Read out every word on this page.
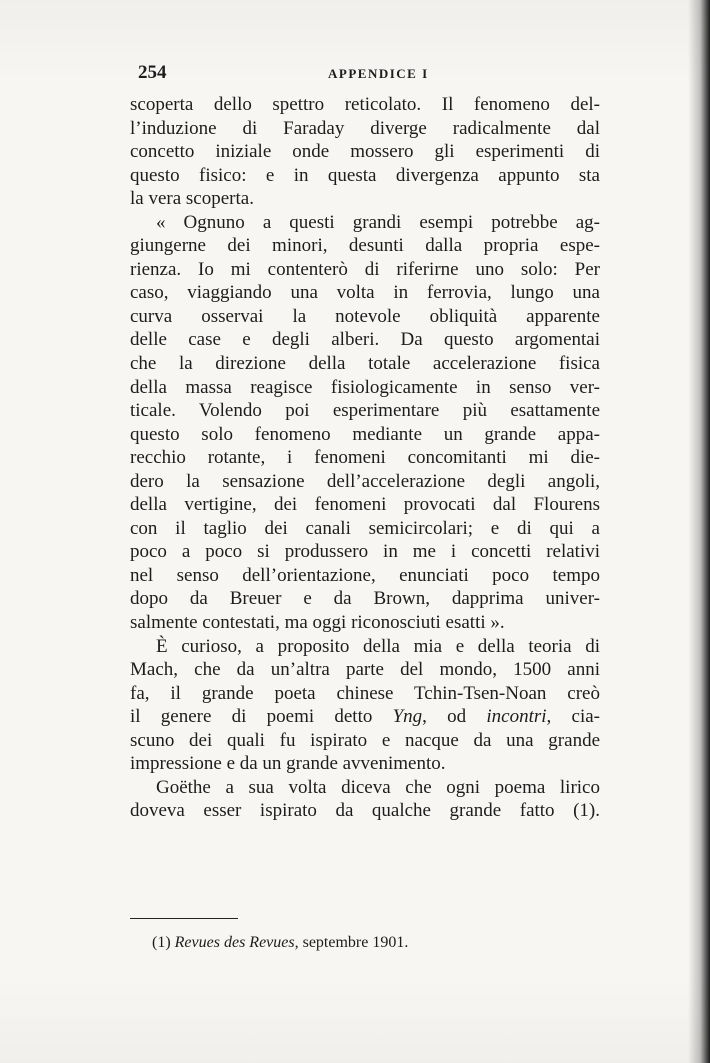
254	APPENDICE I
scoperta dello spettro reticolato. Il fenomeno del-
l’induzione di Faraday diverge radicalmente dal
concetto iniziale onde mossero gli esperimenti di
questo fisico: e in questa divergenza appunto sta
la vera scoperta.
« Ognuno a questi grandi esempi potrebbe ag-
giungerne dei minori, desunti dalla propria espe-
rienza. Io mi contenterò di riferirne uno solo: Per
caso, viaggiando una volta in ferrovia, lungo una
curva osservai la notevole obliquità apparente
delle case e degli alberi. Da questo argomentai
che la direzione della totale accelerazione fisica
della massa reagisce fisiologicamente in senso ver-
ticale. Volendo poi esperimentare più esattamente
questo solo fenomeno mediante un grande appa-
recchio rotante, i fenomeni concomitanti mi die-
dero la sensazione dell’accelerazione degli angoli,
della vertigine, dei fenomeni provocati dal Flourens
con il taglio dei canali semicircolari; e di qui a
poco a poco si produssero in me i concetti relativi
nel senso dell’orientazione, enunciati poco tempo
dopo da Breuer e da Brown, dapprima univer-
salmente contestati, ma oggi riconosciuti esatti ».
È curioso, a proposito della mia e della teoria di
Mach, che da un’altra parte del mondo, 1500 anni
fa, il grande poeta chinese Tchin-Tsen-Noan creò
il genere di poemi detto Yng, od incontri, cia-
scuno dei quali fu ispirato e nacque da una grande
impressione e da un grande avvenimento.
Goëthe a sua volta diceva che ogni poema lirico
doveva esser ispirato da qualche grande fatto (1).
(1) Revues des Revues, septembre 1901.
